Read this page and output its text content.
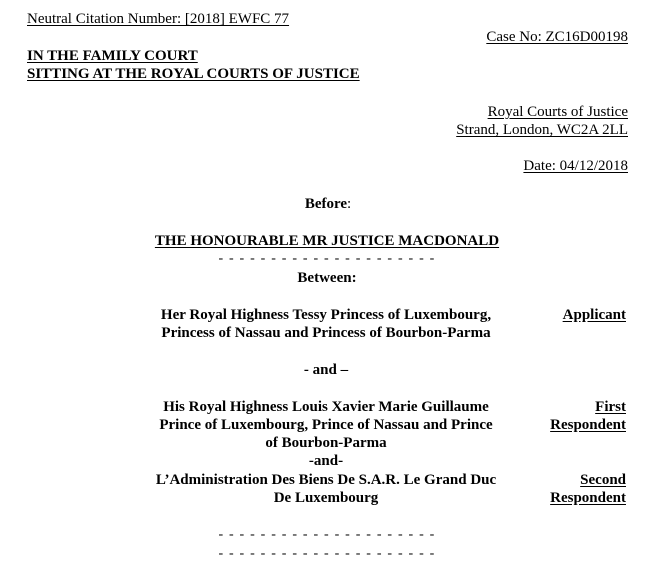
Neutral Citation Number: [2018] EWFC 77
Case No: ZC16D00198
IN THE FAMILY COURT
SITTING AT THE ROYAL COURTS OF JUSTICE
Royal Courts of Justice
Strand, London, WC2A 2LL
Date: 04/12/2018
Before:
THE HONOURABLE MR JUSTICE MACDONALD
- - - - - - - - - - - - - - - - - - - - -
Between:
Her Royal Highness Tessy Princess of Luxembourg,
Princess of Nassau and Princess of Bourbon-Parma
Applicant
- and –
His Royal Highness Louis Xavier Marie Guillaume
Prince of Luxembourg, Prince of Nassau and Prince
of Bourbon-Parma
First
Respondent
-and-
L’Administration Des Biens De S.A.R. Le Grand Duc
De Luxembourg
Second
Respondent
- - - - - - - - - - - - - - - - - - - - -
- - - - - - - - - - - - - - - - - - - - -
